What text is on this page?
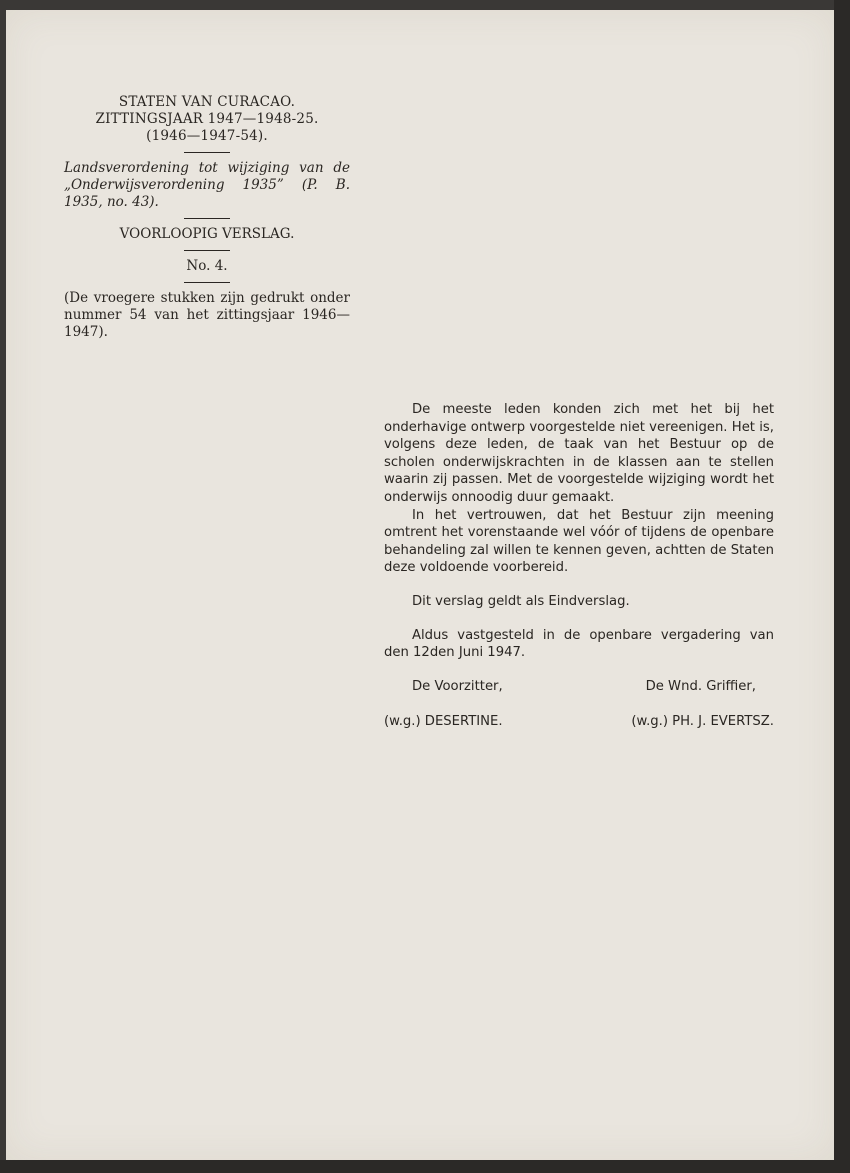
STATEN VAN CURACAO.
ZITTINGSJAAR 1947—1948-25.
(1946—1947-54).
Landsverordening tot wijziging van de „Onderwijsverordening 1935” (P. B. 1935, no. 43).
VOORLOOPIG VERSLAG.
No. 4.
(De vroegere stukken zijn gedrukt onder nummer 54 van het zittingsjaar 1946—1947).

De meeste leden konden zich met het bij het onderhavige ontwerp voorgestelde niet vereenigen. Het is, volgens deze leden, de taak van het Bestuur op de scholen onderwijskrachten in de klassen aan te stellen waarin zij passen. Met de voorgestelde wijziging wordt het onderwijs onnoodig duur gemaakt.

In het vertrouwen, dat het Bestuur zijn meening omtrent het vorenstaande wel vóór of tijdens de openbare behandeling zal willen te kennen geven, achtten de Staten deze voldoende voorbereid.

Dit verslag geldt als Eindverslag.

Aldus vastgesteld in de openbare vergadering van den 12den Juni 1947.

De Voorzitter,	De Wnd. Griffier,
(w.g.) DESERTINE.	(w.g.) PH. J. EVERTSZ.
